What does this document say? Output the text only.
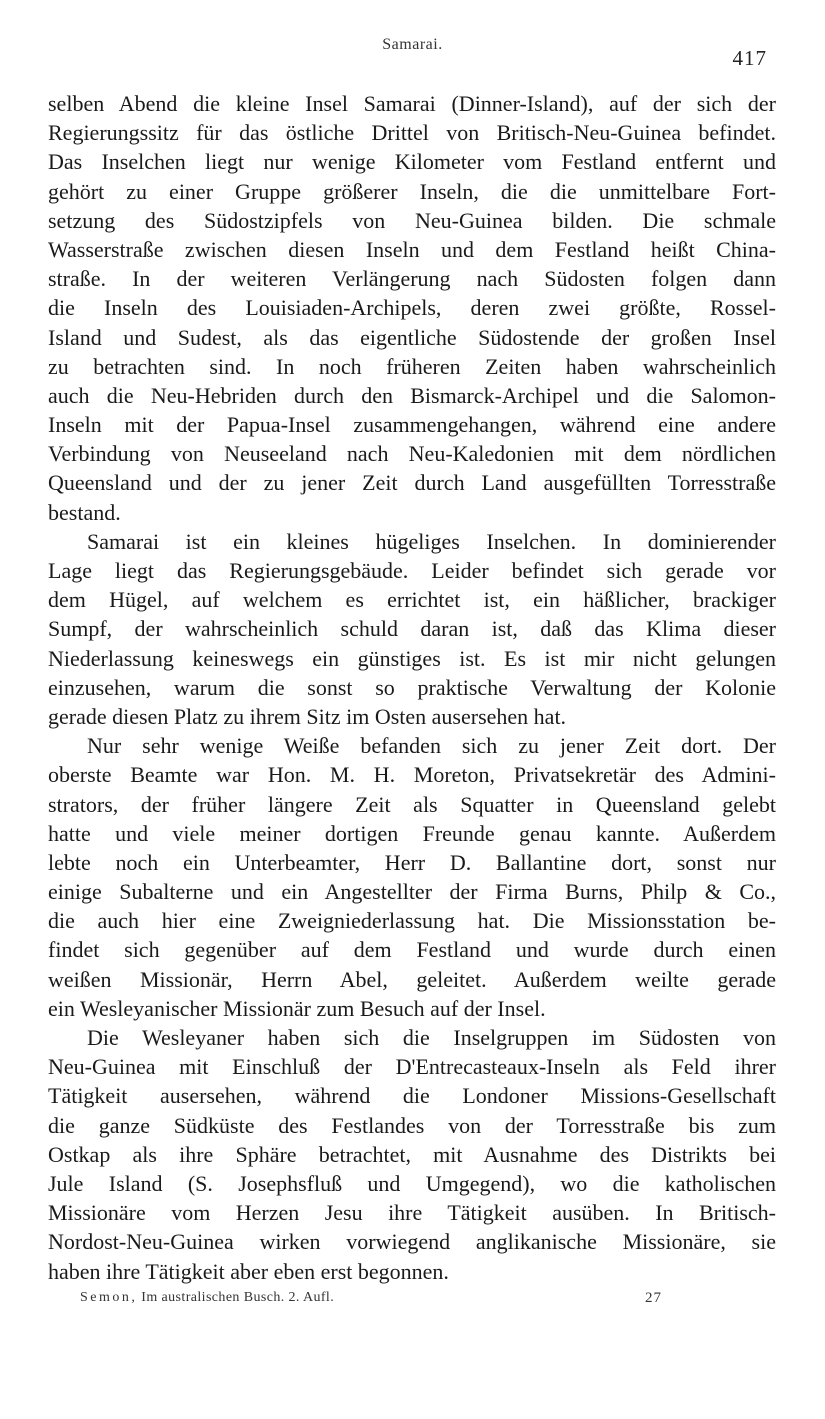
Samarai.
417
selben Abend die kleine Insel Samarai (Dinner-Island), auf der sich der
Regierungssitz für das östliche Drittel von Britisch-Neu-Guinea befindet.
Das Inselchen liegt nur wenige Kilometer vom Festland entfernt und
gehört zu einer Gruppe größerer Inseln, die die unmittelbare Fort-
setzung des Südostzipfels von Neu-Guinea bilden. Die schmale
Wasserstraße zwischen diesen Inseln und dem Festland heißt China-
straße. In der weiteren Verlängerung nach Südosten folgen dann
die Inseln des Louisiaden-Archipels, deren zwei größte, Rossel-
Island und Sudest, als das eigentliche Südostende der großen Insel
zu betrachten sind. In noch früheren Zeiten haben wahrscheinlich
auch die Neu-Hebriden durch den Bismarck-Archipel und die Salomon-
Inseln mit der Papua-Insel zusammengehangen, während eine andere
Verbindung von Neuseeland nach Neu-Kaledonien mit dem nördlichen
Queensland und der zu jener Zeit durch Land ausgefüllten Torresstraße
bestand.
Samarai ist ein kleines hügeliges Inselchen. In dominierender
Lage liegt das Regierungsgebäude. Leider befindet sich gerade vor
dem Hügel, auf welchem es errichtet ist, ein häßlicher, brackiger
Sumpf, der wahrscheinlich schuld daran ist, daß das Klima dieser
Niederlassung keineswegs ein günstiges ist. Es ist mir nicht gelungen
einzusehen, warum die sonst so praktische Verwaltung der Kolonie
gerade diesen Platz zu ihrem Sitz im Osten ausersehen hat.
Nur sehr wenige Weiße befanden sich zu jener Zeit dort. Der
oberste Beamte war Hon. M. H. Moreton, Privatsekretär des Admini-
strators, der früher längere Zeit als Squatter in Queensland gelebt
hatte und viele meiner dortigen Freunde genau kannte. Außerdem
lebte noch ein Unterbeamter, Herr D. Ballantine dort, sonst nur
einige Subalterne und ein Angestellter der Firma Burns, Philp & Co.,
die auch hier eine Zweigniederlassung hat. Die Missionsstation be-
findet sich gegenüber auf dem Festland und wurde durch einen
weißen Missionär, Herrn Abel, geleitet. Außerdem weilte gerade
ein Wesleyanischer Missionär zum Besuch auf der Insel.
Die Wesleyaner haben sich die Inselgruppen im Südosten von
Neu-Guinea mit Einschluß der D'Entrecasteaux-Inseln als Feld ihrer
Tätigkeit ausersehen, während die Londoner Missions-Gesellschaft
die ganze Südküste des Festlandes von der Torresstraße bis zum
Ostkap als ihre Sphäre betrachtet, mit Ausnahme des Distrikts bei
Jule Island (S. Josephsfluß und Umgegend), wo die katholischen
Missionäre vom Herzen Jesu ihre Tätigkeit ausüben. In Britisch-
Nordost-Neu-Guinea wirken vorwiegend anglikanische Missionäre, sie
haben ihre Tätigkeit aber eben erst begonnen.
Semon, Im australischen Busch. 2. Aufl.	27
